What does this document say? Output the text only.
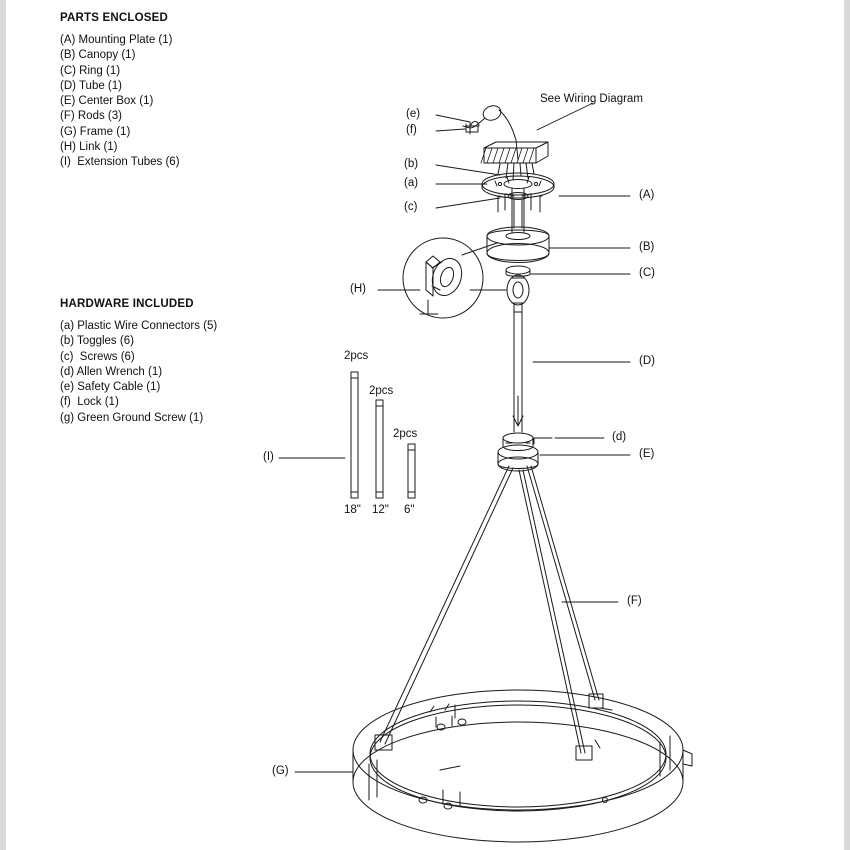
PARTS ENCLOSED
(A) Mounting Plate (1)
(B) Canopy (1)
(C) Ring (1)
(D) Tube (1)
(E) Center Box (1)
(F) Rods (3)
(G) Frame (1)
(H) Link (1)
(I)  Extension Tubes (6)
HARDWARE INCLUDED
(a) Plastic Wire Connectors (5)
(b) Toggles (6)
(c)  Screws (6)
(d) Allen Wrench (1)
(e) Safety Cable (1)
(f)  Lock (1)
(g) Green Ground Screw (1)
See Wiring Diagram
(e)
(f)
(b)
(a)
(c)
(H)
(I)
(G)
(A)
(B)
(C)
(D)
(d)
(E)
(F)
2pcs
2pcs
2pcs
18" 12" 6"
